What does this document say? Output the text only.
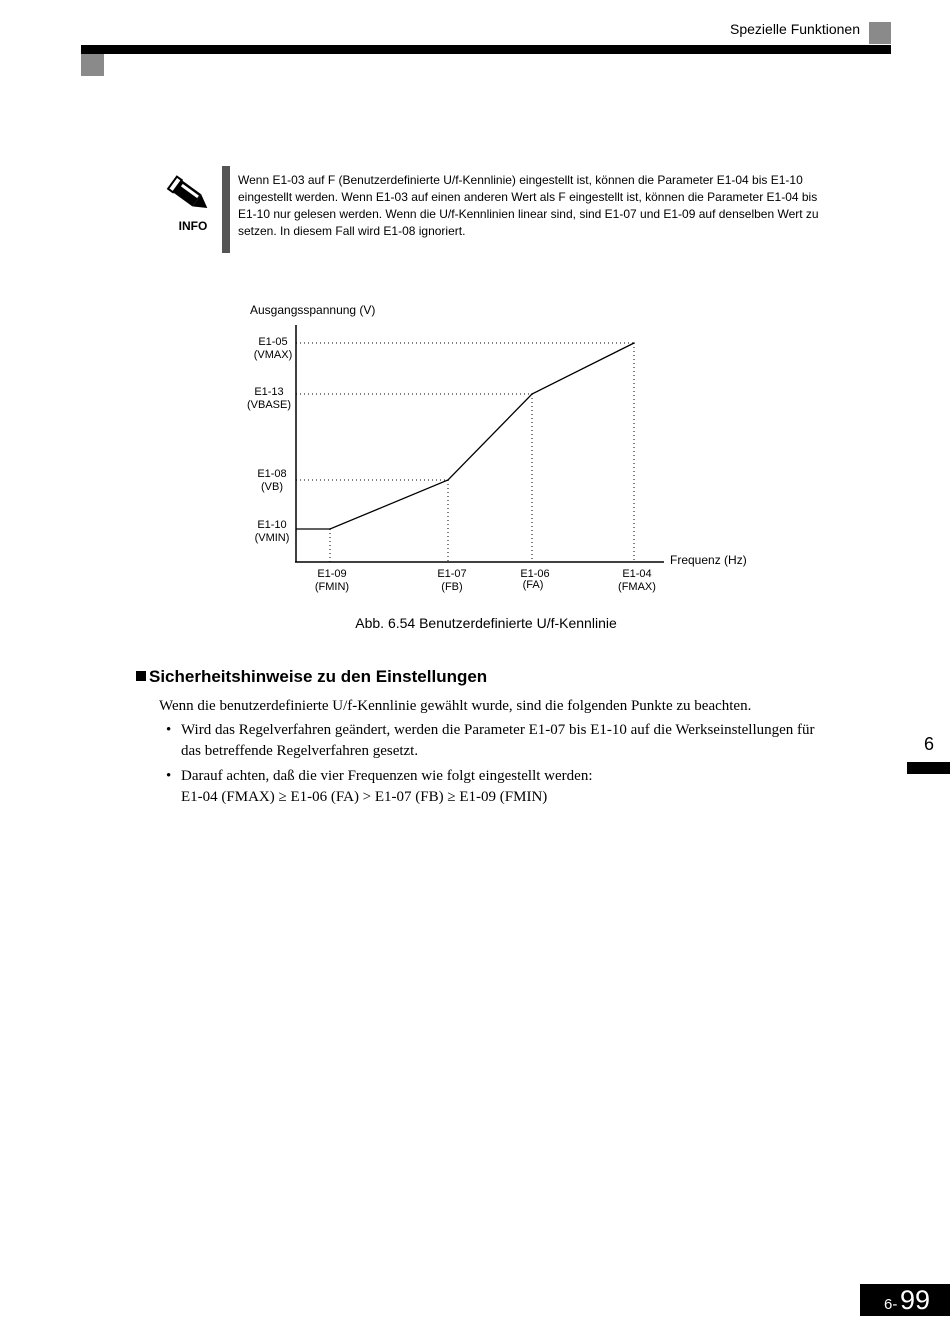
Spezielle Funktionen
INFO
Wenn E1-03 auf F (Benutzerdefinierte U/f-Kennlinie) eingestellt ist, können die Parameter E1-04 bis E1-10
eingestellt werden. Wenn E1-03 auf einen anderen Wert als F eingestellt ist, können die Parameter E1-04 bis
E1-10 nur gelesen werden. Wenn die U/f-Kennlinien linear sind, sind E1-07 und E1-09 auf denselben Wert zu
setzen. In diesem Fall wird E1-08 ignoriert.
Ausgangsspannung (V)
Frequenz (Hz)
E1-05
(VMAX)
E1-13
(VBASE)
E1-08
(VB)
E1-10
(VMIN)
E1-09
(FMIN)
E1-07
(FB)
E1-06
(FA)
E1-04
(FMAX)
Abb. 6.54 Benutzerdefinierte U/f-Kennlinie
Sicherheitshinweise zu den Einstellungen
Wenn die benutzerdefinierte U/f-Kennlinie gewählt wurde, sind die folgenden Punkte zu beachten.
• Wird das Regelverfahren geändert, werden die Parameter E1-07 bis E1-10 auf die Werkseinstellungen für
das betreffende Regelverfahren gesetzt.
• Darauf achten, daß die vier Frequenzen wie folgt eingestellt werden:
E1-04 (FMAX) ≥ E1-06 (FA) > E1-07 (FB) ≥ E1-09 (FMIN)
6
6- 99
